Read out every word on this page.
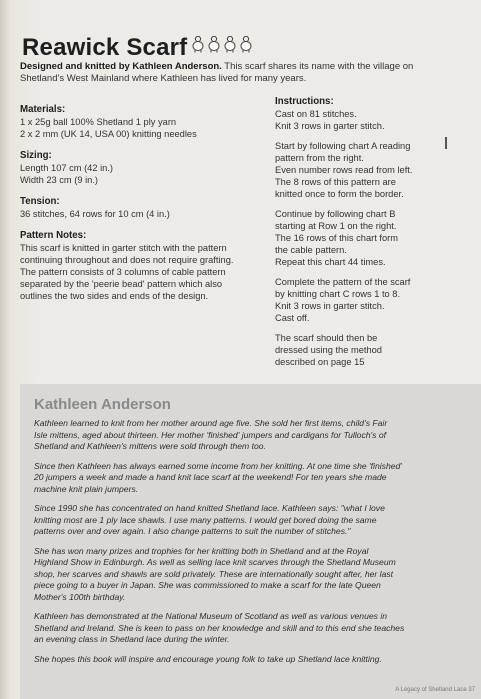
Reawick Scarf
Designed and knitted by Kathleen Anderson. This scarf shares its name with the village on
Shetland's West Mainland where Kathleen has lived for many years.

Materials:

1 x 25g ball 100% Shetland 1 ply yarn
2 x 2 mm (UK 14, USA 00) knitting needles

Sizing:

Length 107 cm (42 in.)
Width 23 cm (9 in.)

Tension:

36 stitches, 64 rows for 10 cm (4 in.)

Pattern Notes:

This scarf is knitted in garter stitch with the pattern
continuing throughout and does not require grafting.
The pattern consists of 3 columns of cable pattern
separated by the 'peerie bead' pattern which also
outlines the two sides and ends of the design.

Instructions:

Cast on 81 stitches.
Knit 3 rows in garter stitch.
Start by following chart A reading
pattern from the right.
Even number rows read from left.
The 8 rows of this pattern are
knitted once to form the border.
Continue by following chart B
starting at Row 1 on the right.
The 16 rows of this chart form
the cable pattern.
Repeat this chart 44 times.
Complete the pattern of the scarf
by knitting chart C rows 1 to 8.
Knit 3 rows in garter stitch.
Cast off.
The scarf should then be
dressed using the method
described on page 15
Kathleen Anderson

Kathleen learned to knit from her mother around age five. She sold her first items, child's Fair
Isle mittens, aged about thirteen. Her mother 'finished' jumpers and cardigans for Tulloch's of
Shetland and Kathleen's mittens were sold through them too.

Since then Kathleen has always earned some income from her knitting. At one time she 'finished'
20 jumpers a week and made a hand knit lace scarf at the weekend! For ten years she made
machine knit plain jumpers.

Since 1990 she has concentrated on hand knitted Shetland lace. Kathleen says: "what I love
knitting most are 1 ply lace shawls. I use many patterns. I would get bored doing the same
patterns over and over again. I also change patterns to suit the number of stitches."

She has won many prizes and trophies for her knitting both in Shetland and at the Royal
Highland Show in Edinburgh. As well as selling lace knit scarves through the Shetland Museum
shop, her scarves and shawls are sold privately. These are internationally sought after, her last
piece going to a buyer in Japan. She was commissioned to make a scarf for the late Queen
Mother's 100th birthday.

Kathleen has demonstrated at the National Museum of Scotland as well as various venues in
Shetland and Ireland. She is keen to pass on her knowledge and skill and to this end she teaches
an evening class in Shetland lace during the winter.

She hopes this book will inspire and encourage young folk to take up Shetland lace knitting.

A Legacy of Shetland Lace 37
